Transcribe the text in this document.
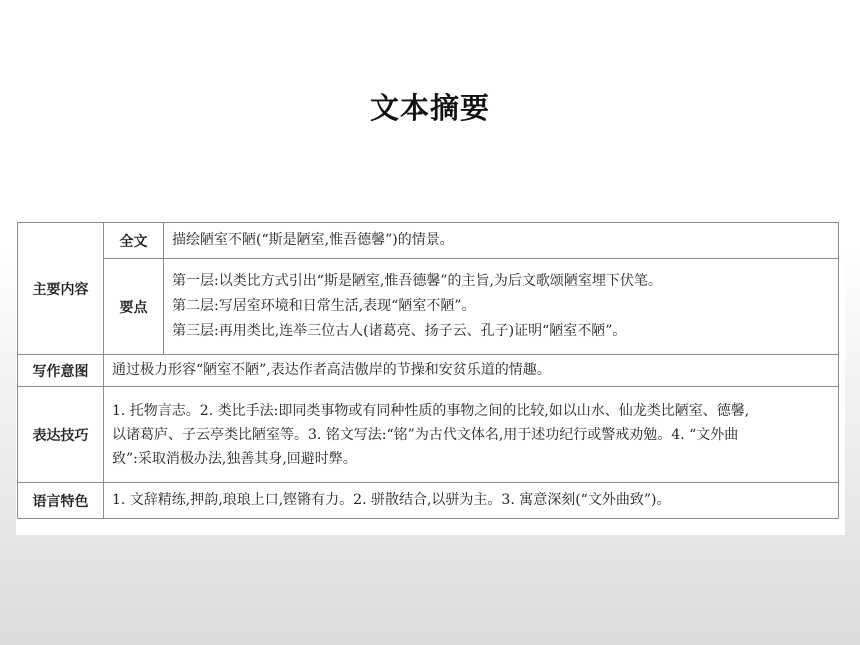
文本摘要
主要内容	全文	描绘陋室不陋(“斯是陋室,惟吾德馨”)的情景。

	要点	第一层:以类比方式引出“斯是陋室,惟吾德馨”的主旨,为后文歌颂陋室埋下伏笔。
第二层:写居室环境和日常生活,表现“陋室不陋”。
第三层:再用类比,连举三位古人(诸葛亮、扬子云、孔子)证明“陋室不陋”。

写作意图	通过极力形容“陋室不陋”,表达作者高洁傲岸的节操和安贫乐道的情趣。	

表达技巧	1. 托物言志。2. 类比手法:即同类事物或有同种性质的事物之间的比较,如以山水、仙龙类比陋室、德馨,
以诸葛庐、子云亭类比陋室等。3. 铭文写法:“铭”为古代文体名,用于述功纪行或警戒劝勉。4. “文外曲
致”:采取消极办法,独善其身,回避时弊。	

语言特色	1. 文辞精练,押韵,琅琅上口,铿锵有力。2. 骈散结合,以骈为主。3. 寓意深刻(“文外曲致”)。	
